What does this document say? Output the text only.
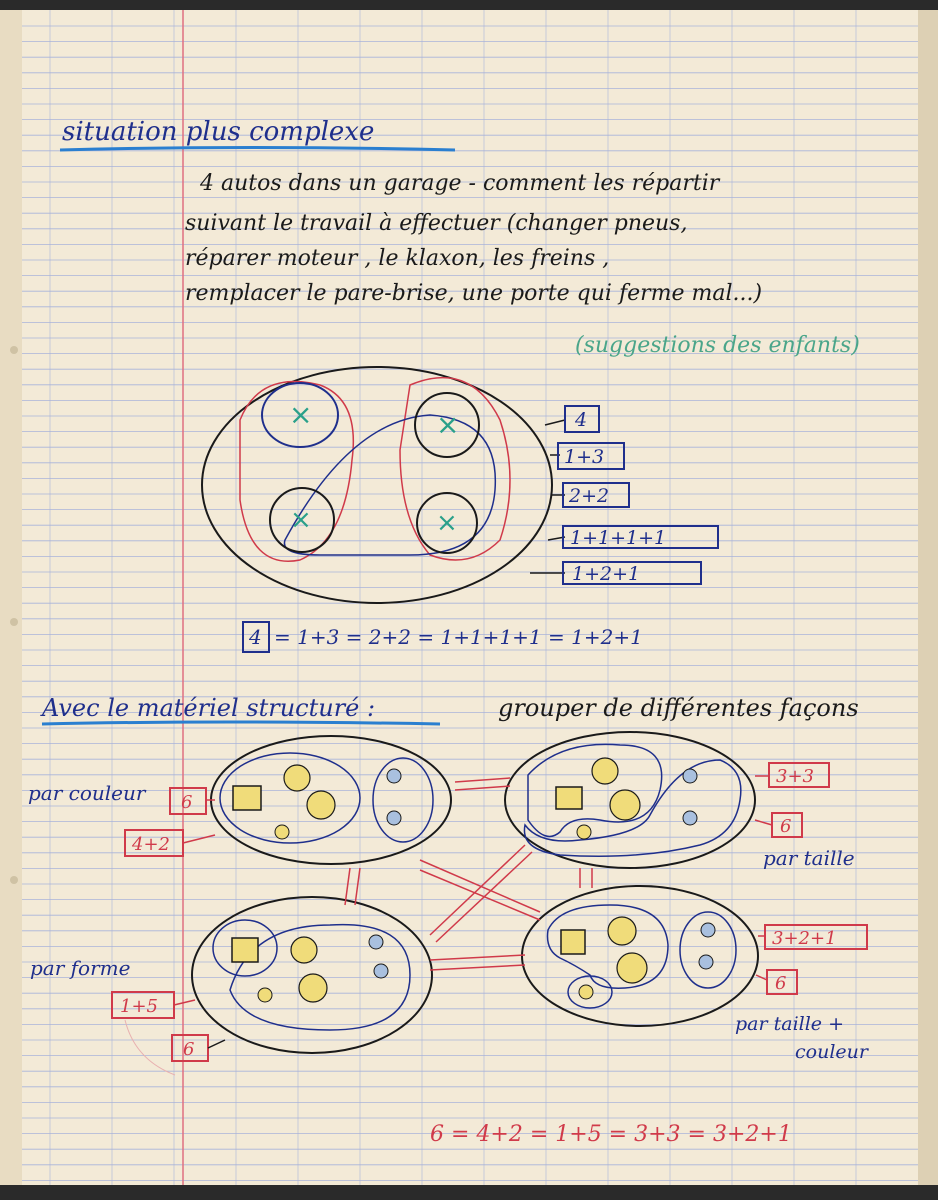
situation plus complexe
4 autos dans un garage - comment les répartir
suivant le travail à effectuer (changer pneus,
réparer moteur , le klaxon, les freins ,
remplacer le pare-brise, une porte qui ferme mal...)
(suggestions des enfants)
×	×
×	×
4
1+3
2+2
1+1+1+1
1+2+1
4 = 1+3 = 2+2 = 1+1+1+1 = 1+2+1
Avec le matériel structuré :	grouper de différentes façons
par couleur 6
4+2
3+3
6
par taille
par forme
1+5
6
3+2+1
6
par taille +
couleur
6 = 4+2 = 1+5 = 3+3 = 3+2+1
